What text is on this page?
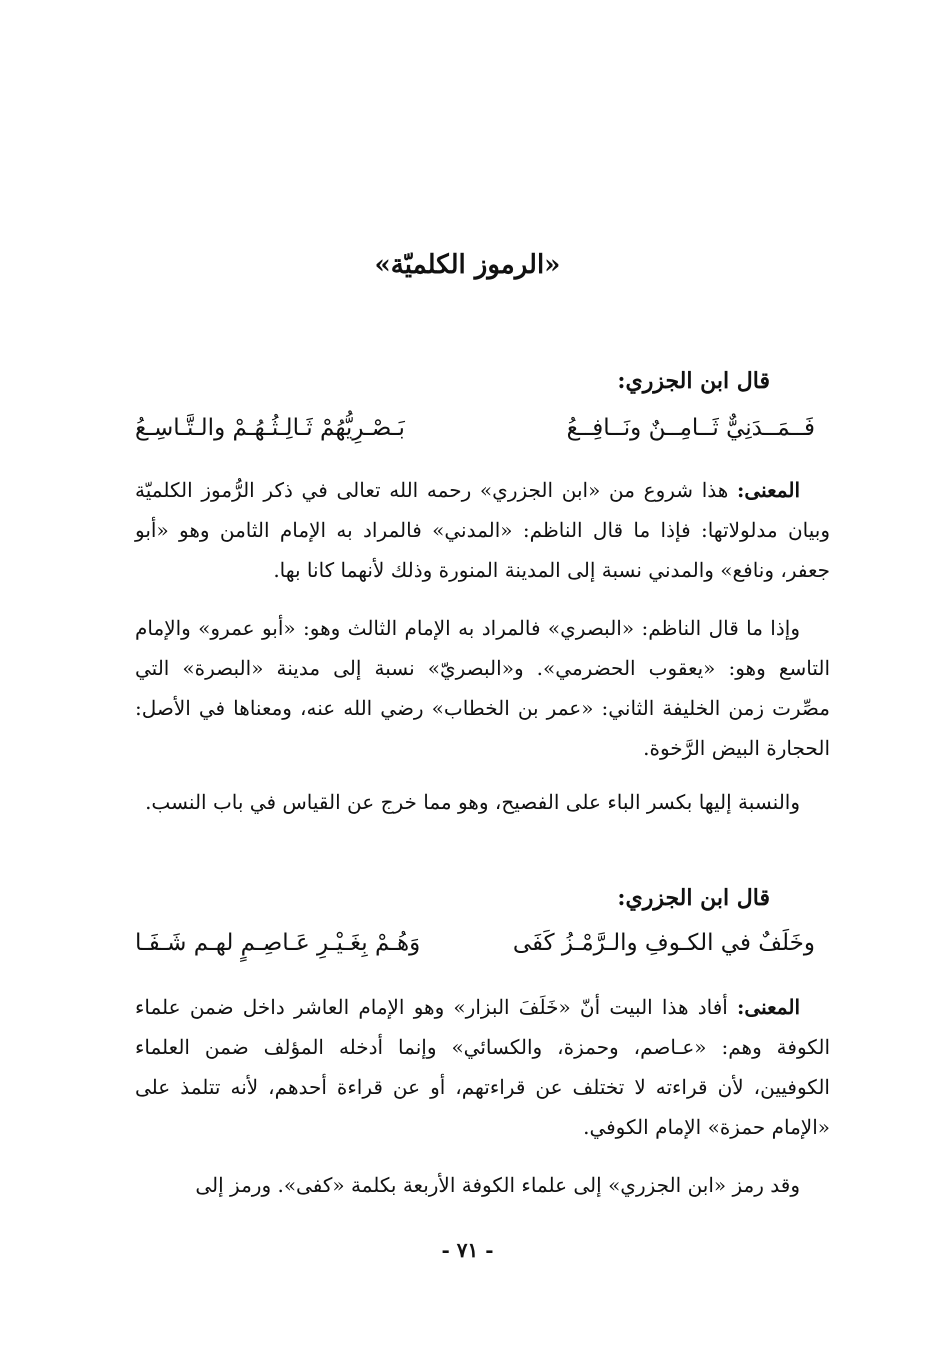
«الرموز الكلميّة»
قال ابن الجزري:
فَــمَــدَنِيٌّ ثَــامِــنٌ ونَــافِــعُ
بَـصْـرِيُّهُمْ ثَـالِـثُـهُـمْ والـتَّـاسِـعُ
المعنى: هذا شروع من «ابن الجزري» رحمه الله تعالى في ذكر الرُّموز الكلميّة وبيان مدلولاتها: فإذا ما قال الناظم: «المدني» فالمراد به الإمام الثامن وهو «أبو جعفر، ونافع» والمدني نسبة إلى المدينة المنورة وذلك لأنهما كانا بها.
وإذا ما قال الناظم: «البصري» فالمراد به الإمام الثالث وهو: «أبو عمرو» والإمام التاسع وهو: «يعقوب الحضرمي». و«البصريّ» نسبة إلى مدينة «البصرة» التي مصِّرت زمن الخليفة الثاني: «عمر بن الخطاب» رضي الله عنه، ومعناها في الأصل: الحجارة البيض الرَّخوة.
والنسبة إليها بكسر الباء على الفصيح، وهو مما خرج عن القياس في باب النسب.
قال ابن الجزري:
وخَلَفٌ في الكـوفِ والـرَّمْـزُ كَفَى
وَهُـمْ بِغَـيْـرِ عَـاصِـمٍ لهـم شَـفَـا
المعنى: أفاد هذا البيت أنّ «خَلَفَ البزار» وهو الإمام العاشر داخل ضمن علماء الكوفة وهم: «عـاصم، وحمزة، والكسائي» وإنما أدخله المؤلف ضمن العلماء الكوفيين، لأن قراءته لا تختلف عن قراءتهم، أو عن قراءة أحدهم، لأنه تتلمذ على «الإمام حمزة» الإمام الكوفي.
وقد رمز «ابن الجزري» إلى علماء الكوفة الأربعة بكلمة «كفى». ورمز إلى
- ٧١ -
